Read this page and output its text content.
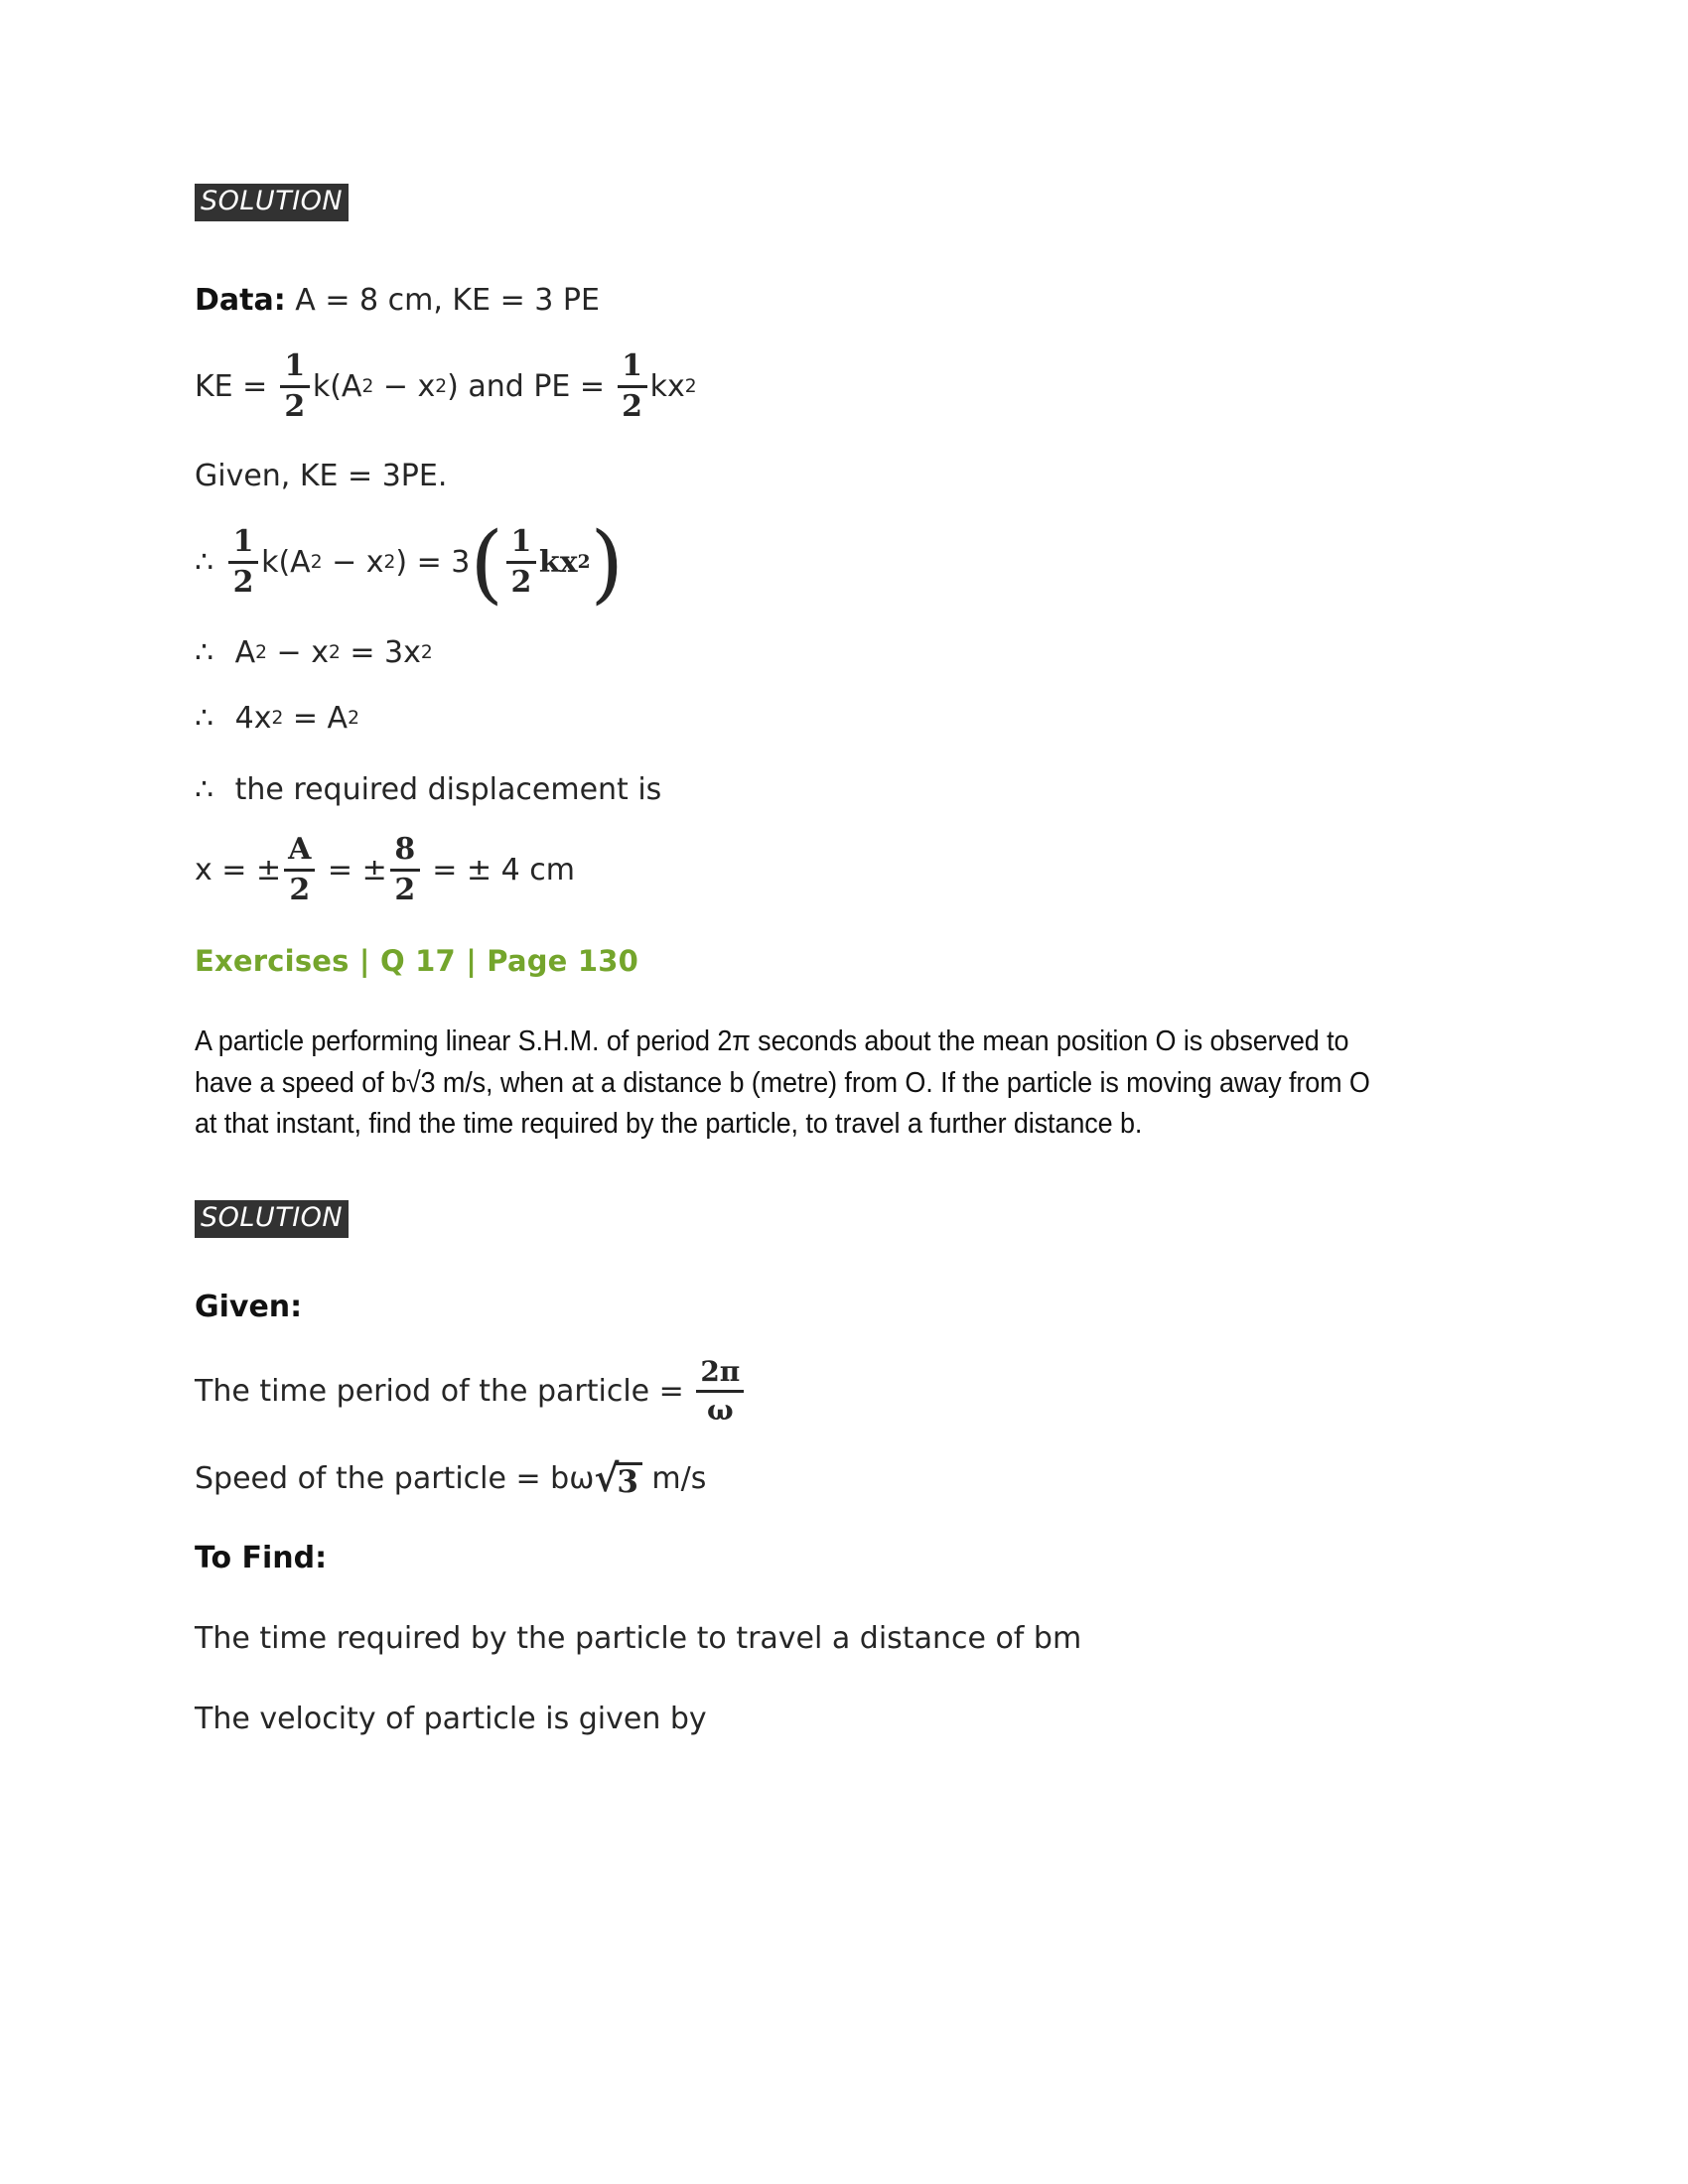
SOLUTION
Data: A = 8 cm, KE = 3 PE
KE = $\frac{1}{2} k(A$ 2 − x 2 ) and PE = $\frac{1}{2}$ kx 2
Given, KE = 3PE.
∴ $\frac{1}{2} k(A$ 2 − x 2 ) = 3 ( $\frac{1}{2}$ kx 2 )
∴ A 2 − x 2 = 3x 2
∴ 4x 2 = A 2
∴ the required displacement is
x = ± $\frac{A}{2}$ = ± $\frac{8}{2}$ = ± 4 cm
Exercises | Q 17 | Page 130
A particle performing linear S.H.M. of period 2π seconds about the mean position O is observed to have a speed of b√3 m/s, when at a distance b (metre) from O. If the particle is moving away from O at that instant, find the time required by the particle, to travel a further distance b.
SOLUTION
Given:
The time period of the particle = $\frac{2\pi}{\omega}$
Speed of the particle = bω √
3 m/s
To Find:
The time required by the particle to travel a distance of bm
The velocity of particle is given by
